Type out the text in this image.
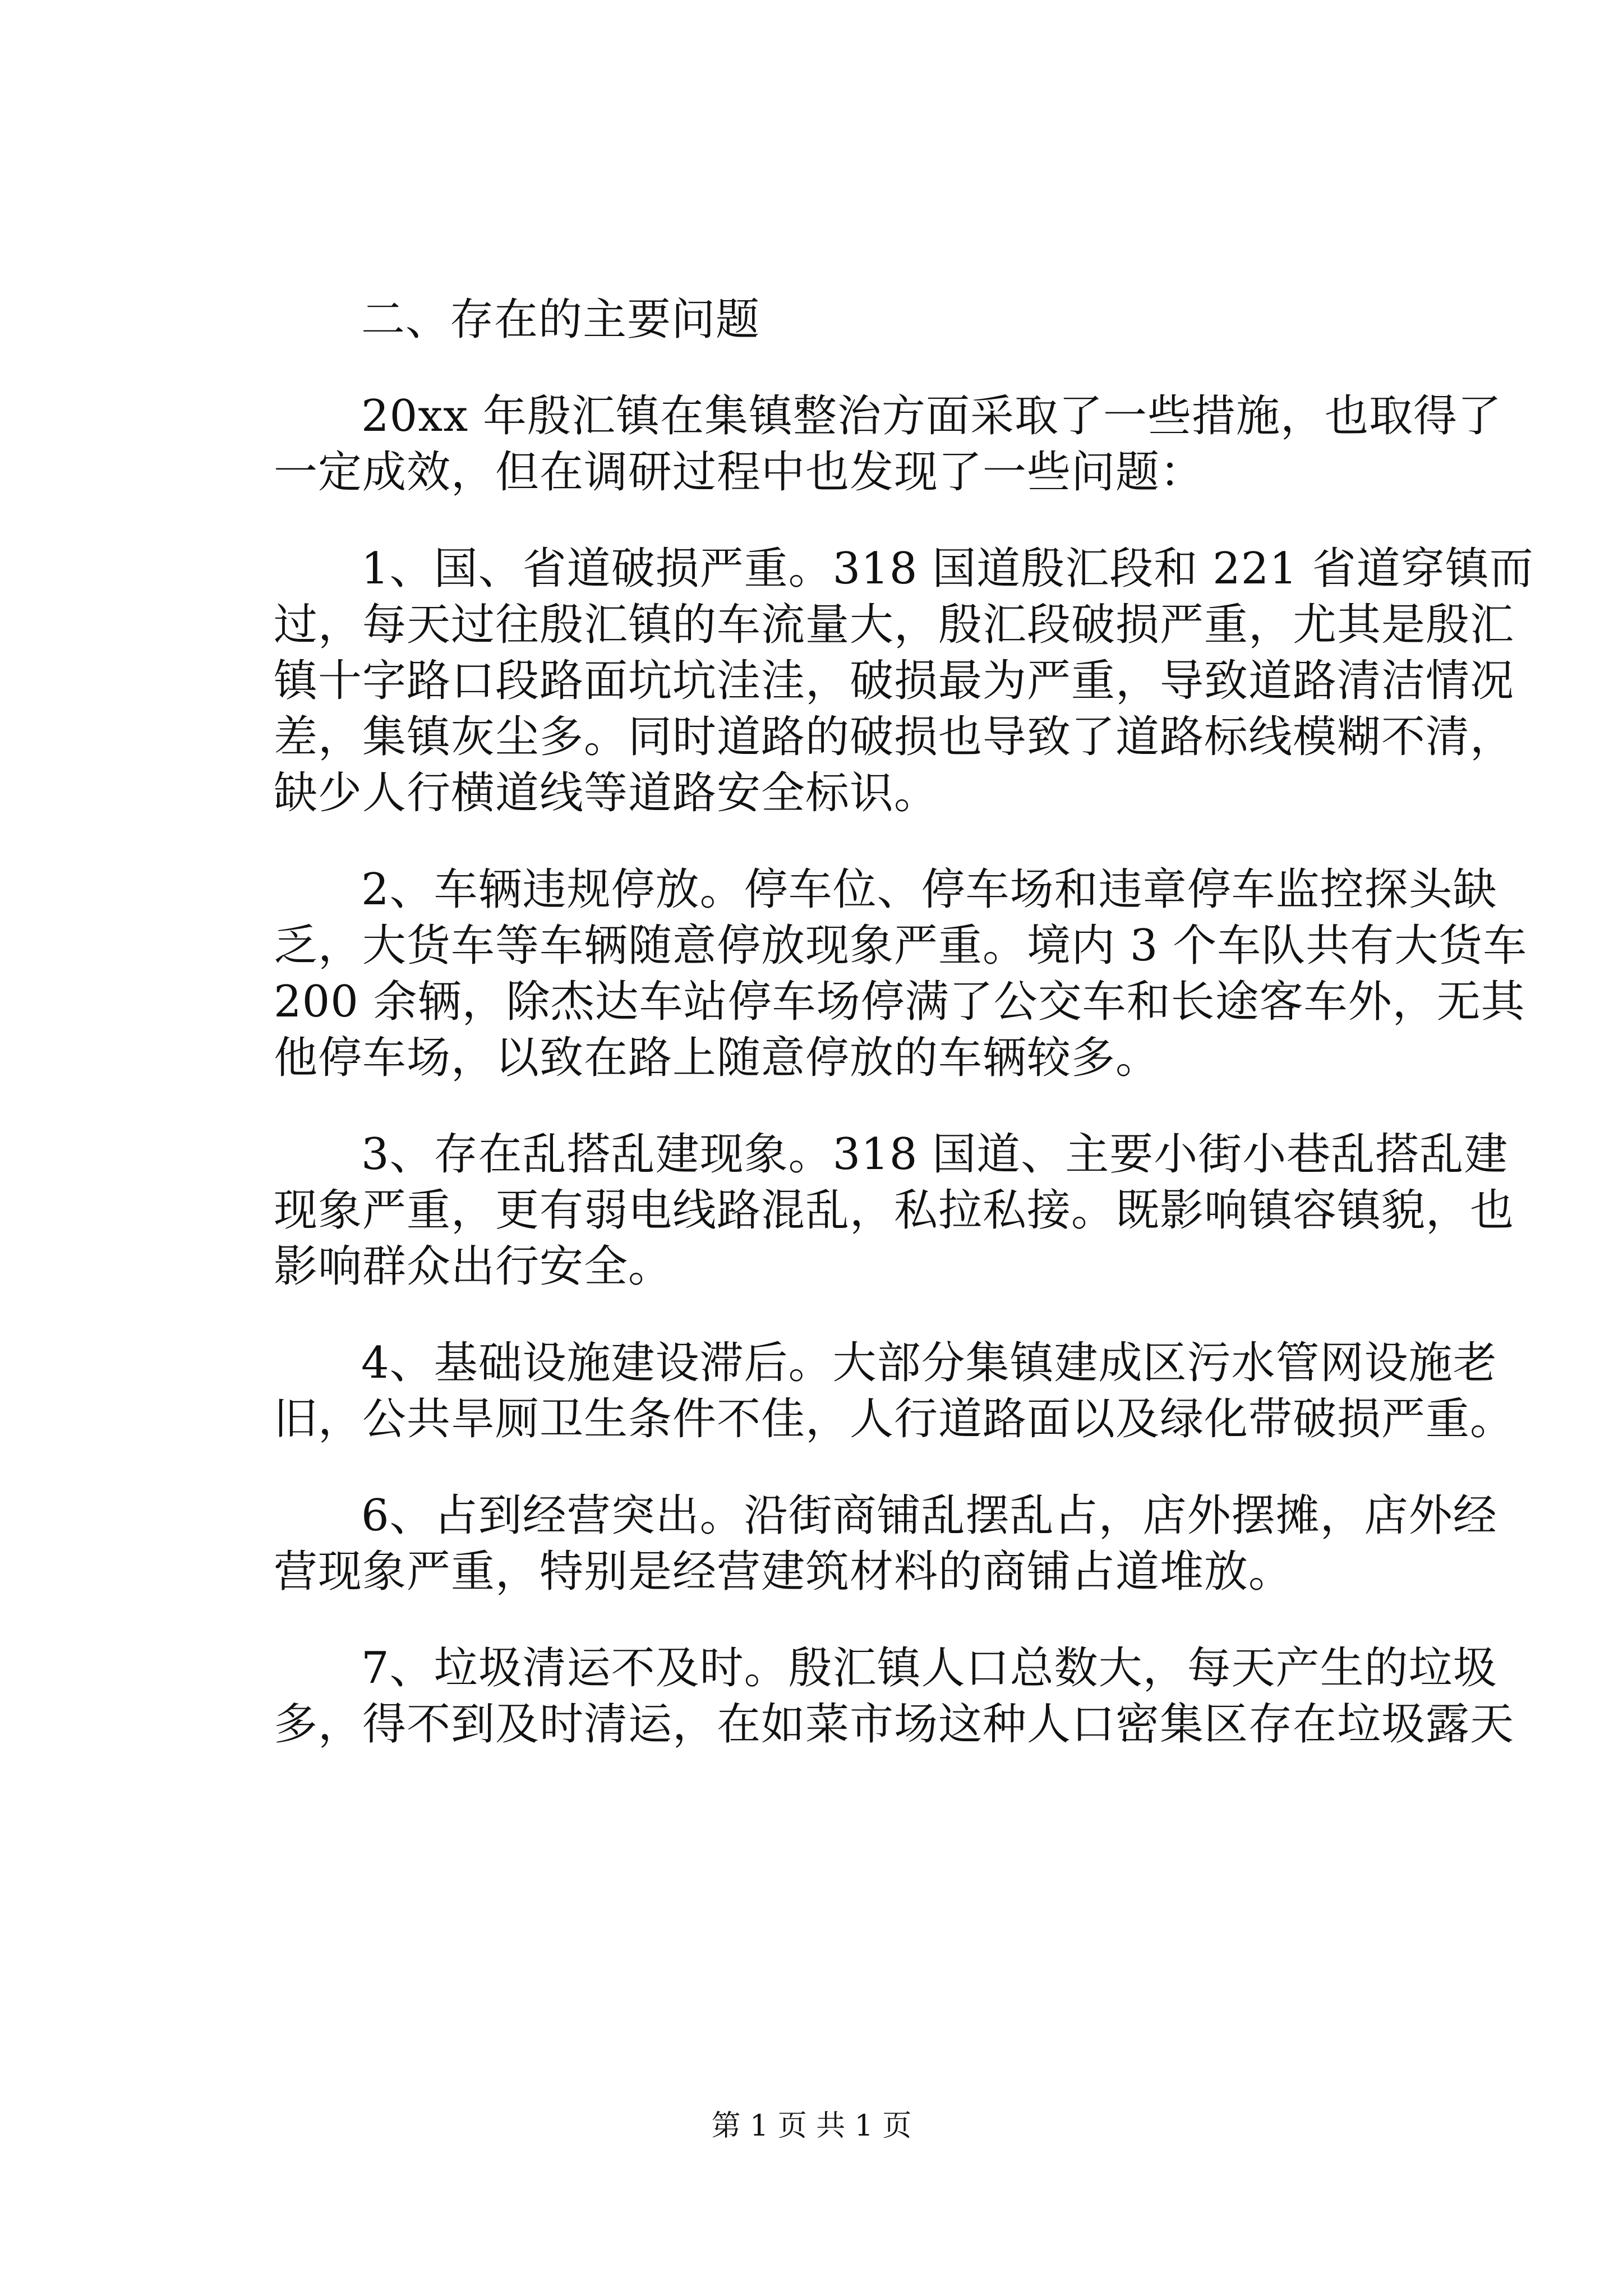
二、存在的主要问题

20xx 年殷汇镇在集镇整治方面采取了一些措施，也取得了
一定成效，但在调研过程中也发现了一些问题：
1、国、省道破损严重。318 国道殷汇段和 221 省道穿镇而
过，每天过往殷汇镇的车流量大，殷汇段破损严重，尤其是殷汇
镇十字路口段路面坑坑洼洼，破损最为严重，导致道路清洁情况
差，集镇灰尘多。同时道路的破损也导致了道路标线模糊不清，
缺少人行横道线等道路安全标识。
2、车辆违规停放。停车位、停车场和违章停车监控探头缺
乏，大货车等车辆随意停放现象严重。境内 3 个车队共有大货车
200 余辆，除杰达车站停车场停满了公交车和长途客车外，无其
他停车场，以致在路上随意停放的车辆较多。
3、存在乱搭乱建现象。318 国道、主要小街小巷乱搭乱建
现象严重，更有弱电线路混乱，私拉私接。既影响镇容镇貌，也
影响群众出行安全。
4、基础设施建设滞后。大部分集镇建成区污水管网设施老
旧，公共旱厕卫生条件不佳，人行道路面以及绿化带破损严重。
6、占到经营突出。沿街商铺乱摆乱占，店外摆摊，店外经
营现象严重，特别是经营建筑材料的商铺占道堆放。
7、垃圾清运不及时。殷汇镇人口总数大，每天产生的垃圾
多，得不到及时清运，在如菜市场这种人口密集区存在垃圾露天
第 1 页 共 1 页
